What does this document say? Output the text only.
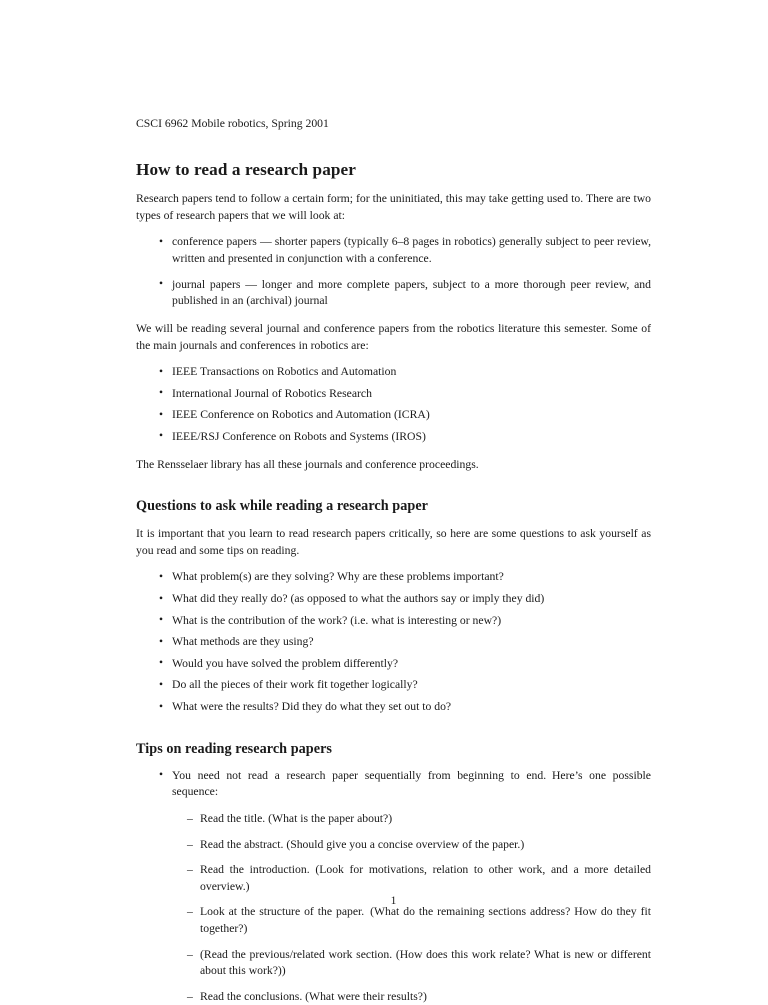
CSCI 6962 Mobile robotics, Spring 2001
How to read a research paper

Research papers tend to follow a certain form; for the uninitiated, this may take getting used to. There are two types of research papers that we will look at:

• conference papers — shorter papers (typically 6–8 pages in robotics) generally subject to peer review, written and presented in conjunction with a conference.
• journal papers — longer and more complete papers, subject to a more thorough peer review, and published in an (archival) journal

We will be reading several journal and conference papers from the robotics literature this semester. Some of the main journals and conferences in robotics are:

• IEEE Transactions on Robotics and Automation
• International Journal of Robotics Research
• IEEE Conference on Robotics and Automation (ICRA)
• IEEE/RSJ Conference on Robots and Systems (IROS)

The Rensselaer library has all these journals and conference proceedings.

Questions to ask while reading a research paper

It is important that you learn to read research papers critically, so here are some questions to ask yourself as you read and some tips on reading.

• What problem(s) are they solving? Why are these problems important?
• What did they really do? (as opposed to what the authors say or imply they did)
• What is the contribution of the work? (i.e. what is interesting or new?)
• What methods are they using?
• Would you have solved the problem differently?
• Do all the pieces of their work fit together logically?
• What were the results? Did they do what they set out to do?
Tips on reading research papers
• You need not read a research paper sequentially from beginning to end. Here’s one possible sequence:
– Read the title. (What is the paper about?)
– Read the abstract. (Should give you a concise overview of the paper.)
– Read the introduction. (Look for motivations, relation to other work, and a more detailed overview.)
– Look at the structure of the paper. (What do the remaining sections address? How do they fit together?)
– (Read the previous/related work section. (How does this work relate? What is new or different about this work?))
– Read the conclusions. (What were their results?)
1
